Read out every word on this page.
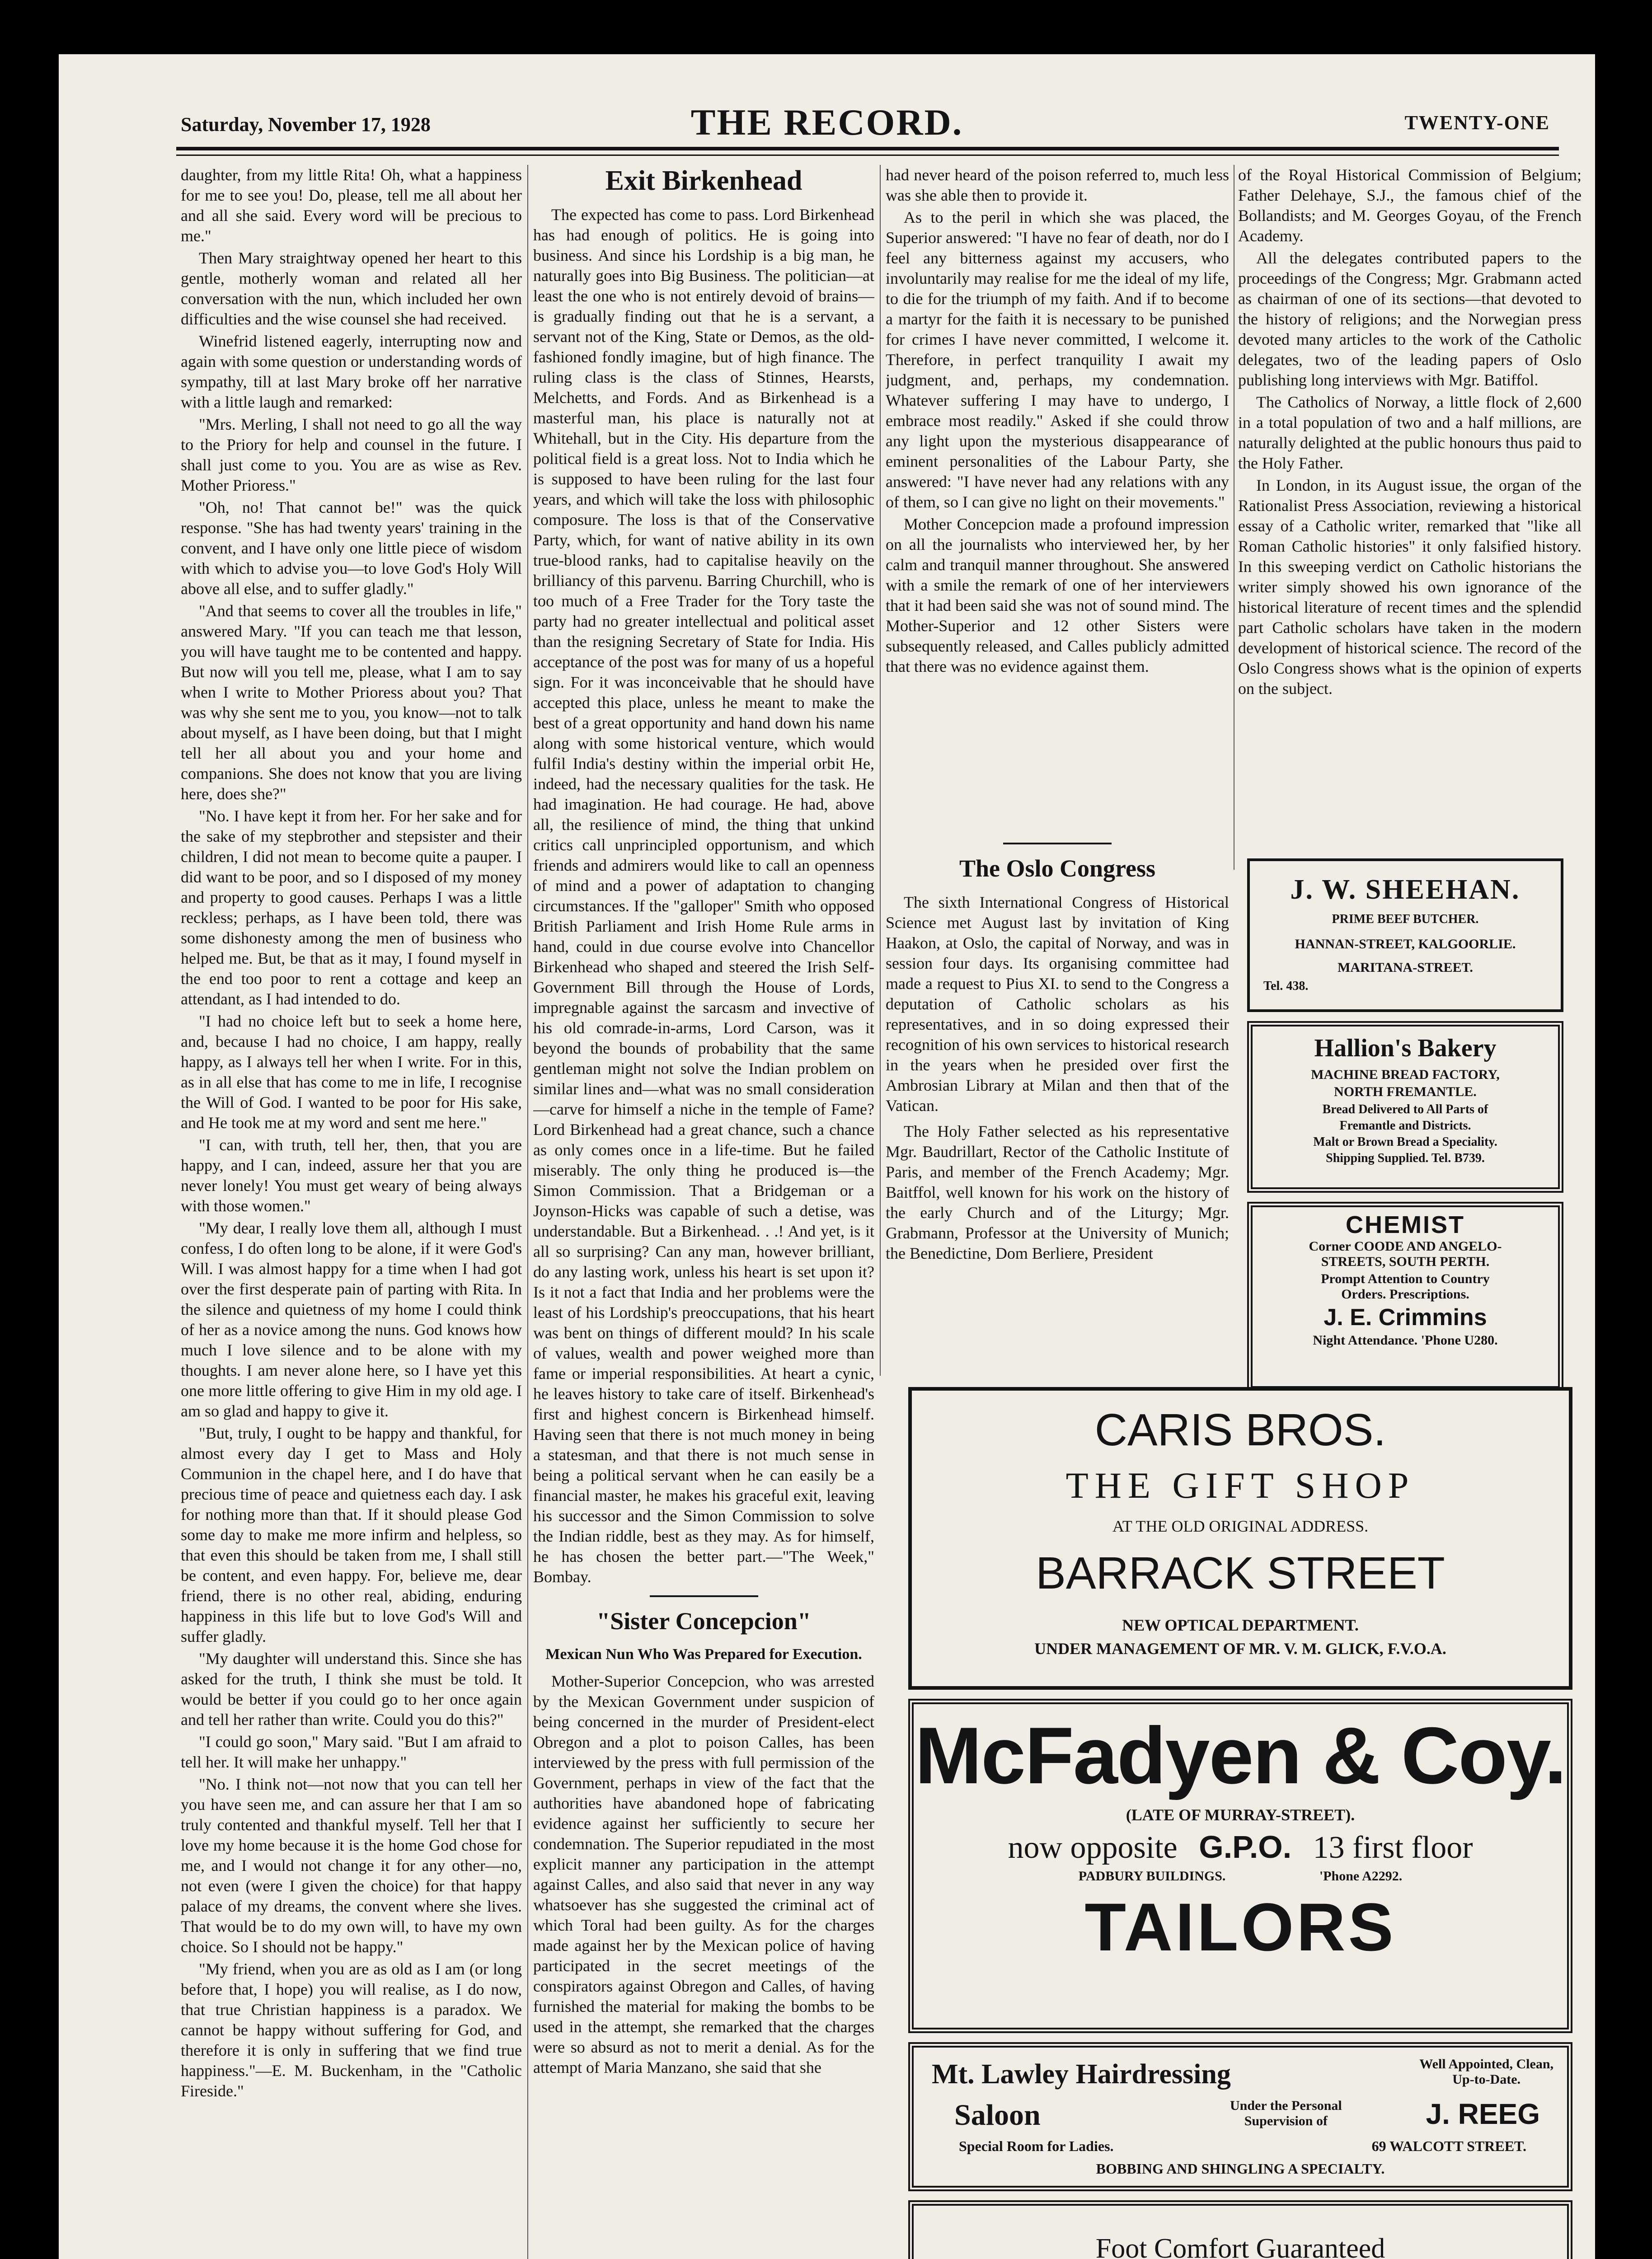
Saturday, November 17, 1928	THE RECORD.	TWENTY-ONE

daughter, from my little Rita! Oh, what a happiness for me to see you! Do, please, tell me all about her and all she said. Every word will be precious to me."

Then Mary straightway opened her heart to this gentle, motherly woman and related all her conversation with the nun, which included her own difficulties and the wise counsel she had received.

Winefrid listened eagerly, interrupting now and again with some question or understanding words of sympathy, till at last Mary broke off her narrative with a little laugh and remarked:

"Mrs. Merling, I shall not need to go all the way to the Priory for help and counsel in the future. I shall just come to you. You are as wise as Rev. Mother Prioress."

"Oh, no! That cannot be!" was the quick response. "She has had twenty years' training in the convent, and I have only one little piece of wisdom with which to advise you—to love God's Holy Will above all else, and to suffer gladly."

"And that seems to cover all the troubles in life," answered Mary. "If you can teach me that lesson, you will have taught me to be contented and happy. But now will you tell me, please, what I am to say when I write to Mother Prioress about you? That was why she sent me to you, you know—not to talk about myself, as I have been doing, but that I might tell her all about you and your home and companions. She does not know that you are living here, does she?"

"No. I have kept it from her. For her sake and for the sake of my stepbrother and stepsister and their children, I did not mean to become quite a pauper. I did want to be poor, and so I disposed of my money and property to good causes. Perhaps I was a little reckless; perhaps, as I have been told, there was some dishonesty among the men of business who helped me. But, be that as it may, I found myself in the end too poor to rent a cottage and keep an attendant, as I had intended to do.

"I had no choice left but to seek a home here, and, because I had no choice, I am happy, really happy, as I always tell her when I write. For in this, as in all else that has come to me in life, I recognise the Will of God. I wanted to be poor for His sake, and He took me at my word and sent me here."

"I can, with truth, tell her, then, that you are happy, and I can, indeed, assure her that you are never lonely! You must get weary of being always with those women."

"My dear, I really love them all, although I must confess, I do often long to be alone, if it were God's Will. I was almost happy for a time when I had got over the first desperate pain of parting with Rita. In the silence and quietness of my home I could think of her as a novice among the nuns. God knows how much I love silence and to be alone with my thoughts. I am never alone here, so I have yet this one more little offering to give Him in my old age. I am so glad and happy to give it.

"But, truly, I ought to be happy and thankful, for almost every day I get to Mass and Holy Communion in the chapel here, and I do have that precious time of peace and quietness each day. I ask for nothing more than that. If it should please God some day to make me more infirm and helpless, so that even this should be taken from me, I shall still be content, and even happy. For, believe me, dear friend, there is no other real, abiding, enduring happiness in this life but to love God's Will and suffer gladly.

"My daughter will understand this. Since she has asked for the truth, I think she must be told. It would be better if you could go to her once again and tell her rather than write. Could you do this?"

"I could go soon," Mary said. "But I am afraid to tell her. It will make her unhappy."

"No. I think not—not now that you can tell her you have seen me, and can assure her that I am so truly contented and thankful myself. Tell her that I love my home because it is the home God chose for me, and I would not change it for any other—no, not even (were I given the choice) for that happy palace of my dreams, the convent where she lives. That would be to do my own will, to have my own choice. So I should not be happy."

"My friend, when you are as old as I am (or long before that, I hope) you will realise, as I do now, that true Christian happiness is a paradox. We cannot be happy without suffering for God, and therefore it is only in suffering that we find true happiness."—E. M. Buckenham, in the "Catholic Fireside."

Exit Birkenhead

The expected has come to pass. Lord Birkenhead has had enough of politics. He is going into business. And since his Lordship is a big man, he naturally goes into Big Business. The politician—at least the one who is not entirely devoid of brains—is gradually finding out that he is a servant, a servant not of the King, State or Demos, as the old-fashioned fondly imagine, but of high finance. The ruling class is the class of Stinnes, Hearsts, Melchetts, and Fords. And as Birkenhead is a masterful man, his place is naturally not at Whitehall, but in the City. His departure from the political field is a great loss. Not to India which he is supposed to have been ruling for the last four years, and which will take the loss with philosophic composure. The loss is that of the Conservative Party, which, for want of native ability in its own true-blood ranks, had to capitalise heavily on the brilliancy of this parvenu. Barring Churchill, who is too much of a Free Trader for the Tory taste the party had no greater intellectual and political asset than the resigning Secretary of State for India. His acceptance of the post was for many of us a hopeful sign. For it was inconceivable that he should have accepted this place, unless he meant to make the best of a great opportunity and hand down his name along with some historical venture, which would fulfil India's destiny within the imperial orbit He, indeed, had the necessary qualities for the task. He had imagination. He had courage. He had, above all, the resilience of mind, the thing that unkind critics call unprincipled opportunism, and which friends and admirers would like to call an openness of mind and a power of adaptation to changing circumstances. If the "galloper" Smith who opposed British Parliament and Irish Home Rule arms in hand, could in due course evolve into Chancellor Birkenhead who shaped and steered the Irish Self-Government Bill through the House of Lords, impregnable against the sarcasm and invective of his old comrade-in-arms, Lord Carson, was it beyond the bounds of probability that the same gentleman might not solve the Indian problem on similar lines and—what was no small consideration—carve for himself a niche in the temple of Fame? Lord Birkenhead had a great chance, such a chance as only comes once in a life-time. But he failed miserably. The only thing he produced is—the Simon Commission. That a Bridgeman or a Joynson-Hicks was capable of such a detise, was understandable. But a Birkenhead. . .! And yet, is it all so surprising? Can any man, however brilliant, do any lasting work, unless his heart is set upon it? Is it not a fact that India and her problems were the least of his Lordship's preoccupations, that his heart was bent on things of different mould? In his scale of values, wealth and power weighed more than fame or imperial responsibilities. At heart a cynic, he leaves history to take care of itself. Birkenhead's first and highest concern is Birkenhead himself. Having seen that there is not much money in being a statesman, and that there is not much sense in being a political servant when he can easily be a financial master, he makes his graceful exit, leaving his successor and the Simon Commission to solve the Indian riddle, best as they may. As for himself, he has chosen the better part.—"The Week," Bombay.

"Sister Concepcion"
Mexican Nun Who Was Prepared for Execution.

Mother-Superior Concepcion, who was arrested by the Mexican Government under suspicion of being concerned in the murder of President-elect Obregon and a plot to poison Calles, has been interviewed by the press with full permission of the Government, perhaps in view of the fact that the authorities have abandoned hope of fabricating evidence against her sufficiently to secure her condemnation. The Superior repudiated in the most explicit manner any participation in the attempt against Calles, and also said that never in any way whatsoever has she suggested the criminal act of which Toral had been guilty. As for the charges made against her by the Mexican police of having participated in the secret meetings of the conspirators against Obregon and Calles, of having furnished the material for making the bombs to be used in the attempt, she remarked that the charges were so absurd as not to merit a denial. As for the attempt of Maria Manzano, she said that she

had never heard of the poison referred to, much less was she able then to provide it.

As to the peril in which she was placed, the Superior answered: "I have no fear of death, nor do I feel any bitterness against my accusers, who involuntarily may realise for me the ideal of my life, to die for the triumph of my faith. And if to become a martyr for the faith it is necessary to be punished for crimes I have never committed, I welcome it. Therefore, in perfect tranquility I await my judgment, and, perhaps, my condemnation. Whatever suffering I may have to undergo, I embrace most readily." Asked if she could throw any light upon the mysterious disappearance of eminent personalities of the Labour Party, she answered: "I have never had any relations with any of them, so I can give no light on their movements."

Mother Concepcion made a profound impression on all the journalists who interviewed her, by her calm and tranquil manner throughout. She answered with a smile the remark of one of her interviewers that it had been said she was not of sound mind. The Mother-Superior and 12 other Sisters were subsequently released, and Calles publicly admitted that there was no evidence against them.

The Oslo Congress

The sixth International Congress of Historical Science met August last by invitation of King Haakon, at Oslo, the capital of Norway, and was in session four days. Its organising committee had made a request to Pius XI. to send to the Congress a deputation of Catholic scholars as his representatives, and in so doing expressed their recognition of his own services to historical research in the years when he presided over first the Ambrosian Library at Milan and then that of the Vatican.

The Holy Father selected as his representative Mgr. Baudrillart, Rector of the Catholic Institute of Paris, and member of the French Academy; Mgr. Baitffol, well known for his work on the history of the early Church and of the Liturgy; Mgr. Grabmann, Professor at the University of Munich; the Benedictine, Dom Berliere, President

of the Royal Historical Commission of Belgium; Father Delehaye, S.J., the famous chief of the Bollandists; and M. Georges Goyau, of the French Academy.

All the delegates contributed papers to the proceedings of the Congress; Mgr. Grabmann acted as chairman of one of its sections—that devoted to the history of religions; and the Norwegian press devoted many articles to the work of the Catholic delegates, two of the leading papers of Oslo publishing long interviews with Mgr. Batiffol.

The Catholics of Norway, a little flock of 2,600 in a total population of two and a half millions, are naturally delighted at the public honours thus paid to the Holy Father.

In London, in its August issue, the organ of the Rationalist Press Association, reviewing a historical essay of a Catholic writer, remarked that "like all Roman Catholic histories" it only falsified history. In this sweeping verdict on Catholic historians the writer simply showed his own ignorance of the historical literature of recent times and the splendid part Catholic scholars have taken in the modern development of historical science. The record of the Oslo Congress shows what is the opinion of experts on the subject.

J. W. SHEEHAN.
PRIME BEEF BUTCHER.
HANNAN-STREET, KALGOORLIE.
MARITANA-STREET.
Tel. 438.
Hallion's Bakery
MACHINE BREAD FACTORY,
NORTH FREMANTLE.
Bread Delivered to All Parts of
Fremantle and Districts.
Malt or Brown Bread a Speciality.
Shipping Supplied. Tel. B739.
CHEMIST
Corner COODE AND ANGELO-
STREETS, SOUTH PERTH.
Prompt Attention to Country
Orders. Prescriptions.
J. E. Crimmins
Night Attendance. 'Phone U280.
CARIS BROS.
THE GIFT SHOP
AT THE OLD ORIGINAL ADDRESS.
BARRACK STREET
NEW OPTICAL DEPARTMENT.
UNDER MANAGEMENT OF MR. V. M. GLICK, F.V.O.A.
McFadyen & Coy.
(LATE OF MURRAY-STREET).
now opposite G.P.O. 13 first floor
PADBURY BUILDINGS.	'Phone A2292.
TAILORS
Mt. Lawley Hairdressing	Well Appointed, Clean,
Up-to-Date.
Saloon	Under the Personal
Supervision of	J. REEG
Special Room for Ladies.	69 WALCOTT STREET.
BOBBING AND SHINGLING A SPECIALTY.
Foot Comfort Guaranteed
